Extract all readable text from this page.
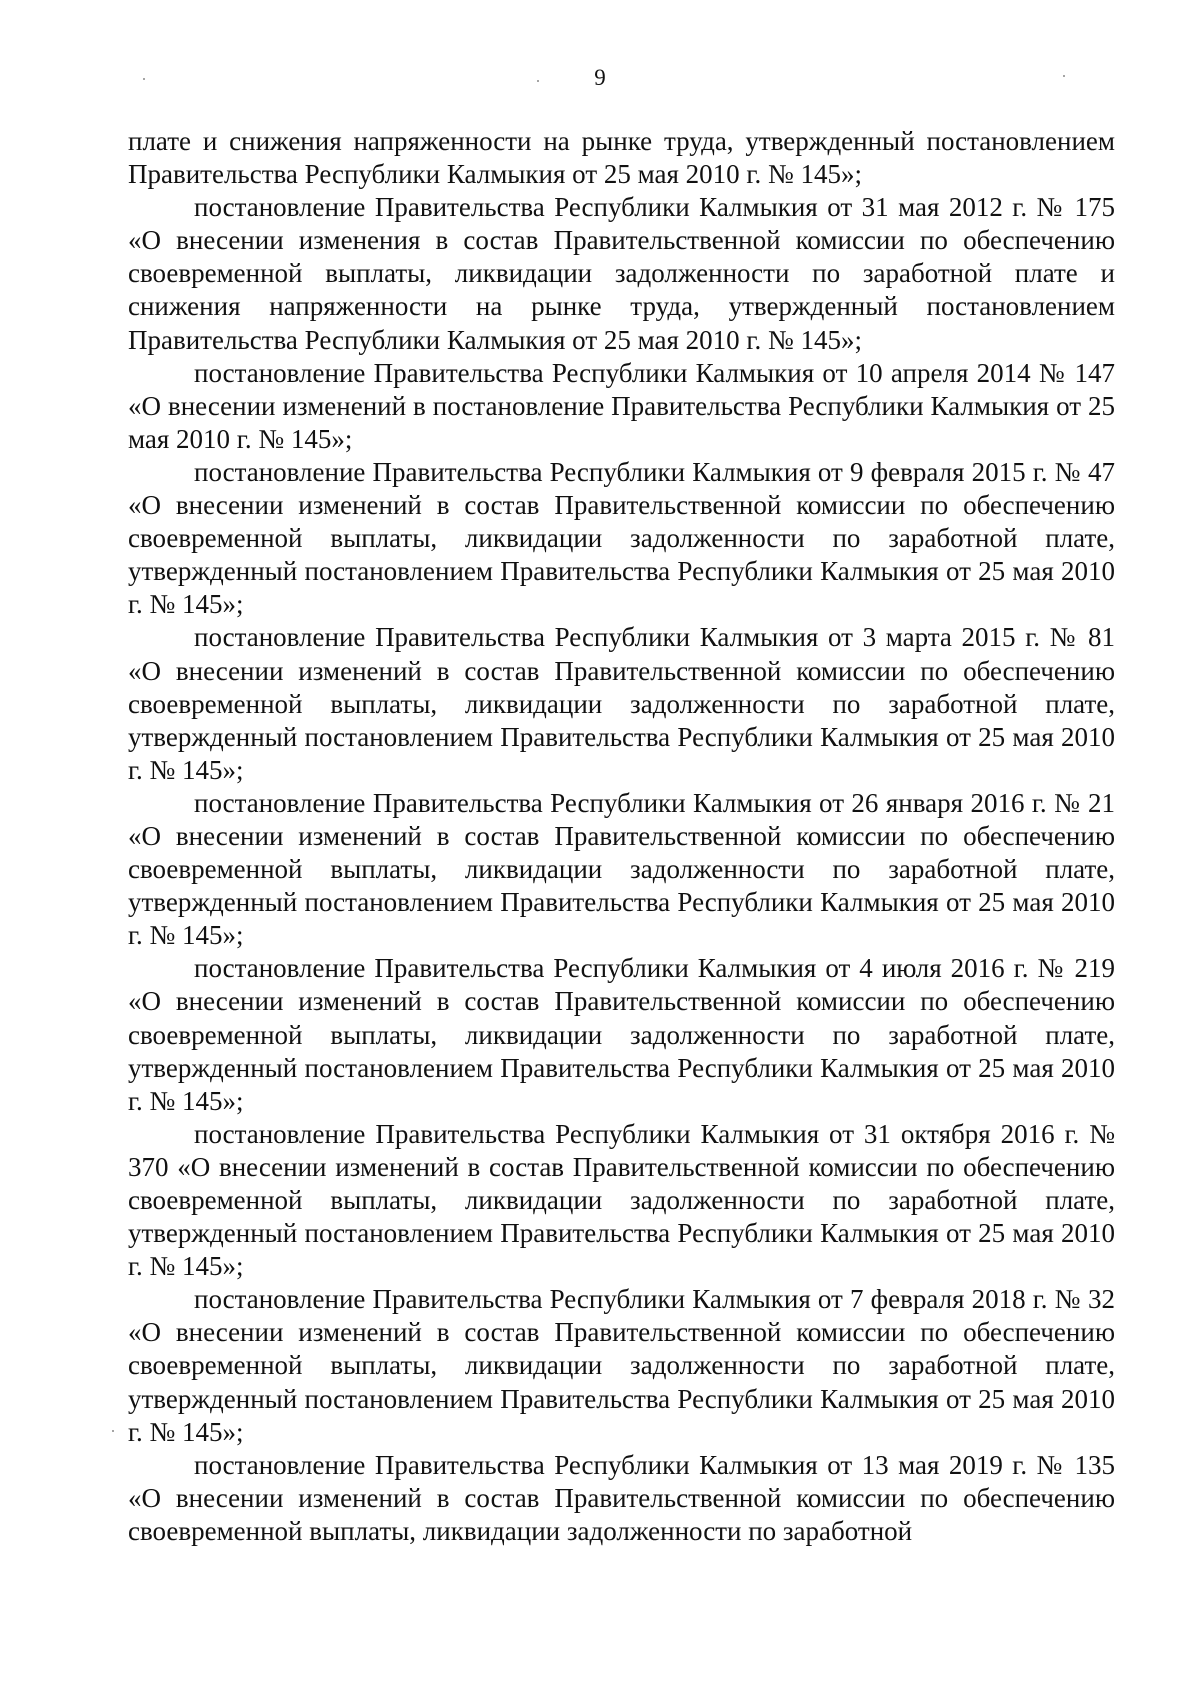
9

плате и снижения напряженности на рынке труда, утвержденный постановлением Правительства Республики Калмыкия от 25 мая 2010 г. № 145»;

постановление Правительства Республики Калмыкия от 31 мая 2012 г. № 175 «О внесении изменения в состав Правительственной комиссии по обеспечению своевременной выплаты, ликвидации задолженности по заработной плате и снижения напряженности на рынке труда, утвержденный постановлением Правительства Республики Калмыкия от 25 мая 2010 г. № 145»;

постановление Правительства Республики Калмыкия от 10 апреля 2014 № 147 «О внесении изменений в постановление Правительства Республики Калмыкия от 25 мая 2010 г. № 145»;

постановление Правительства Республики Калмыкия от 9 февраля 2015 г. № 47 «О внесении изменений в состав Правительственной комиссии по обеспечению своевременной выплаты, ликвидации задолженности по заработной плате, утвержденный постановлением Правительства Республики Калмыкия от 25 мая 2010 г. № 145»;

постановление Правительства Республики Калмыкия от 3 марта 2015 г. № 81 «О внесении изменений в состав Правительственной комиссии по обеспечению своевременной выплаты, ликвидации задолженности по заработной плате, утвержденный постановлением Правительства Республики Калмыкия от 25 мая 2010 г. № 145»;

постановление Правительства Республики Калмыкия от 26 января 2016 г. № 21 «О внесении изменений в состав Правительственной комиссии по обеспечению своевременной выплаты, ликвидации задолженности по заработной плате, утвержденный постановлением Правительства Республики Калмыкия от 25 мая 2010 г. № 145»;

постановление Правительства Республики Калмыкия от 4 июля 2016 г. № 219 «О внесении изменений в состав Правительственной комиссии по обеспечению своевременной выплаты, ликвидации задолженности по заработной плате, утвержденный постановлением Правительства Республики Калмыкия от 25 мая 2010 г. № 145»;

постановление Правительства Республики Калмыкия от 31 октября 2016 г. № 370 «О внесении изменений в состав Правительственной комиссии по обеспечению своевременной выплаты, ликвидации задолженности по заработной плате, утвержденный постановлением Правительства Республики Калмыкия от 25 мая 2010 г. № 145»;

постановление Правительства Республики Калмыкия от 7 февраля 2018 г. № 32 «О внесении изменений в состав Правительственной комиссии по обеспечению своевременной выплаты, ликвидации задолженности по заработной плате, утвержденный постановлением Правительства Республики Калмыкия от 25 мая 2010 г. № 145»;

постановление Правительства Республики Калмыкия от 13 мая 2019 г. № 135 «О внесении изменений в состав Правительственной комиссии по обеспечению своевременной выплаты, ликвидации задолженности по заработной
